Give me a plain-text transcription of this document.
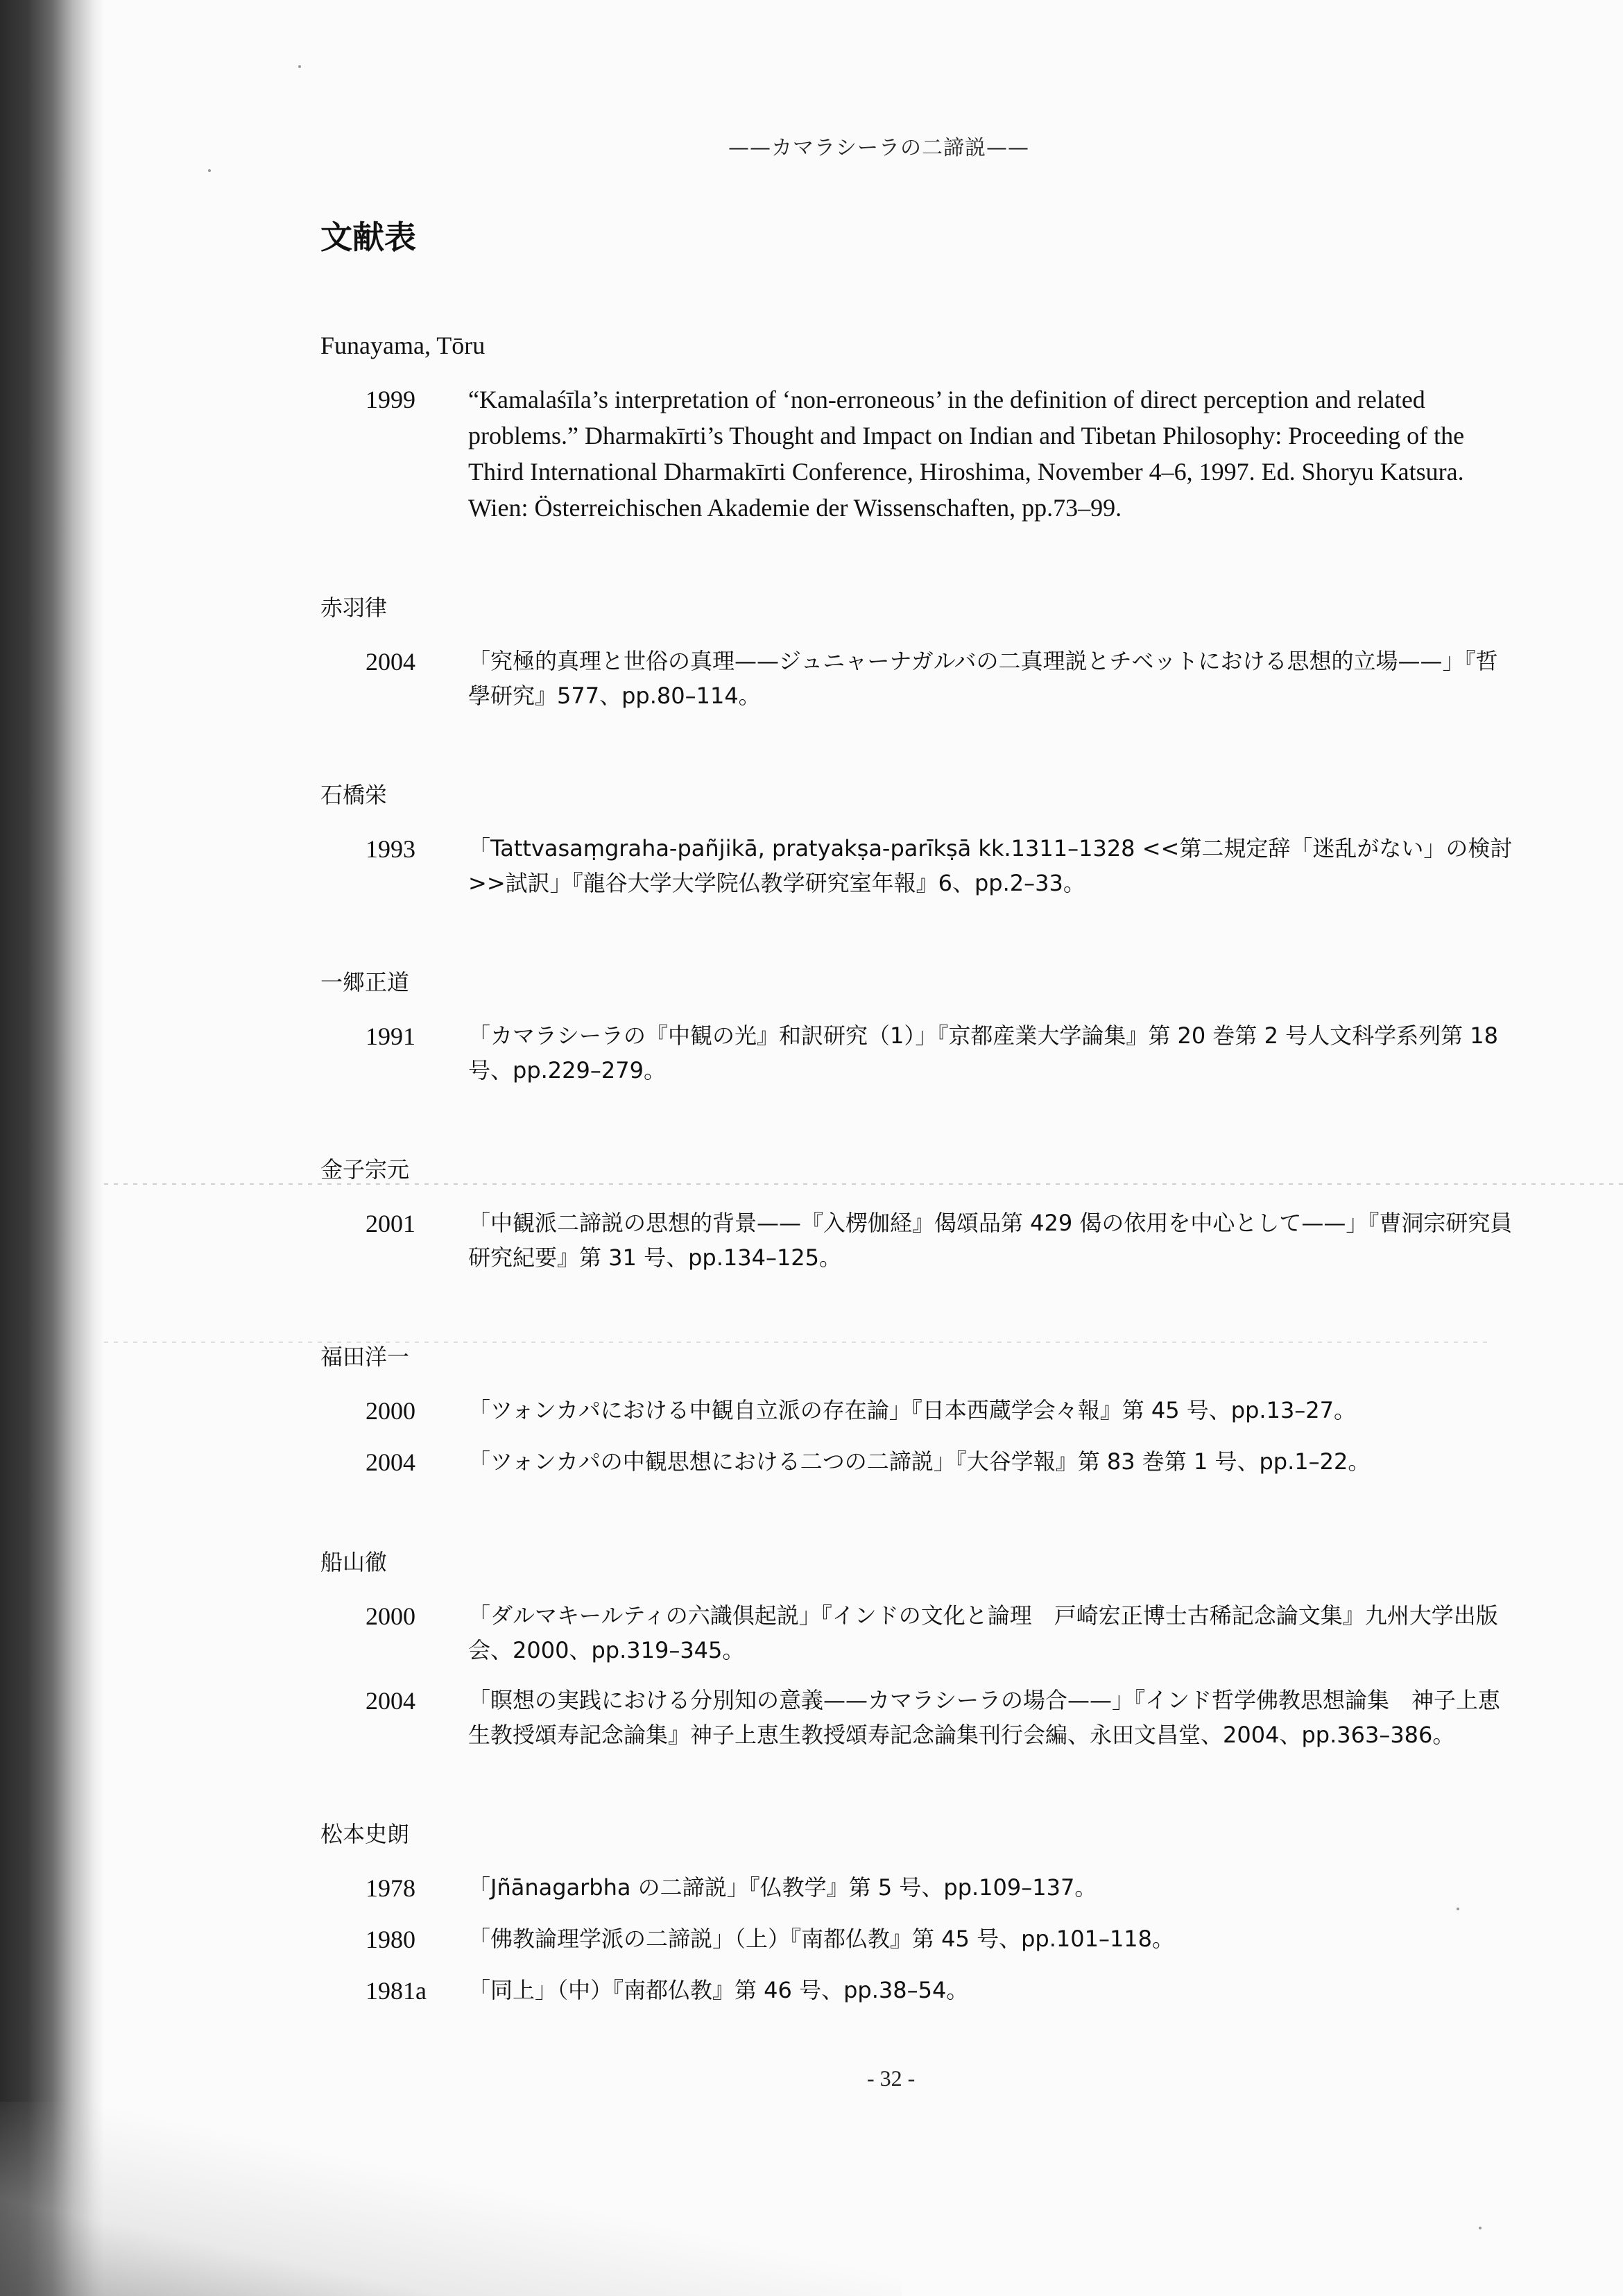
——カマラシーラの二諦説——
文献表

Funayama, Tōru

1999	“Kamalaśīla’s interpretation of ‘non-erroneous’ in the definition of direct perception and related problems.” Dharmakīrti’s Thought and Impact on Indian and Tibetan Philosophy: Proceeding of the Third International Dharmakīrti Conference, Hiroshima, November 4–6, 1997. Ed. Shoryu Katsura. Wien: Österreichischen Akademie der Wissenschaften, pp.73–99.

赤羽律

2004	「究極的真理と世俗の真理——ジュニャーナガルバの二真理説とチベットにおける思想的立場——」『哲學研究』577、pp.80–114。

石橋栄

1993	「Tattvasaṃgraha-pañjikā, pratyakṣa-parīkṣā kk.1311–1328 <<第二規定辞「迷乱がない」の検討>>試訳」『龍谷大学大学院仏教学研究室年報』6、pp.2–33。

一郷正道

1991	「カマラシーラの『中観の光』和訳研究（1）」『京都産業大学論集』第 20 巻第 2 号人文科学系列第 18 号、pp.229–279。

金子宗元

2001	「中観派二諦説の思想的背景——『入楞伽経』偈頌品第 429 偈の依用を中心として——」『曹洞宗研究員研究紀要』第 31 号、pp.134–125。

福田洋一

2000	「ツォンカパにおける中観自立派の存在論」『日本西蔵学会々報』第 45 号、pp.13–27。
2004	「ツォンカパの中観思想における二つの二諦説」『大谷学報』第 83 巻第 1 号、pp.1–22。

船山徹

2000	「ダルマキールティの六識倶起説」『インドの文化と論理　戸崎宏正博士古稀記念論文集』九州大学出版会、2000、pp.319–345。
2004	「瞑想の実践における分別知の意義——カマラシーラの場合——」『インド哲学佛教思想論集　神子上恵生教授頌寿記念論集』神子上恵生教授頌寿記念論集刊行会編、永田文昌堂、2004、pp.363–386。

松本史朗

1978	「Jñānagarbha の二諦説」『仏教学』第 5 号、pp.109–137。
1980	「佛教論理学派の二諦説」（上）『南都仏教』第 45 号、pp.101–118。
1981a	「同上」（中）『南都仏教』第 46 号、pp.38–54。
- 32 -
